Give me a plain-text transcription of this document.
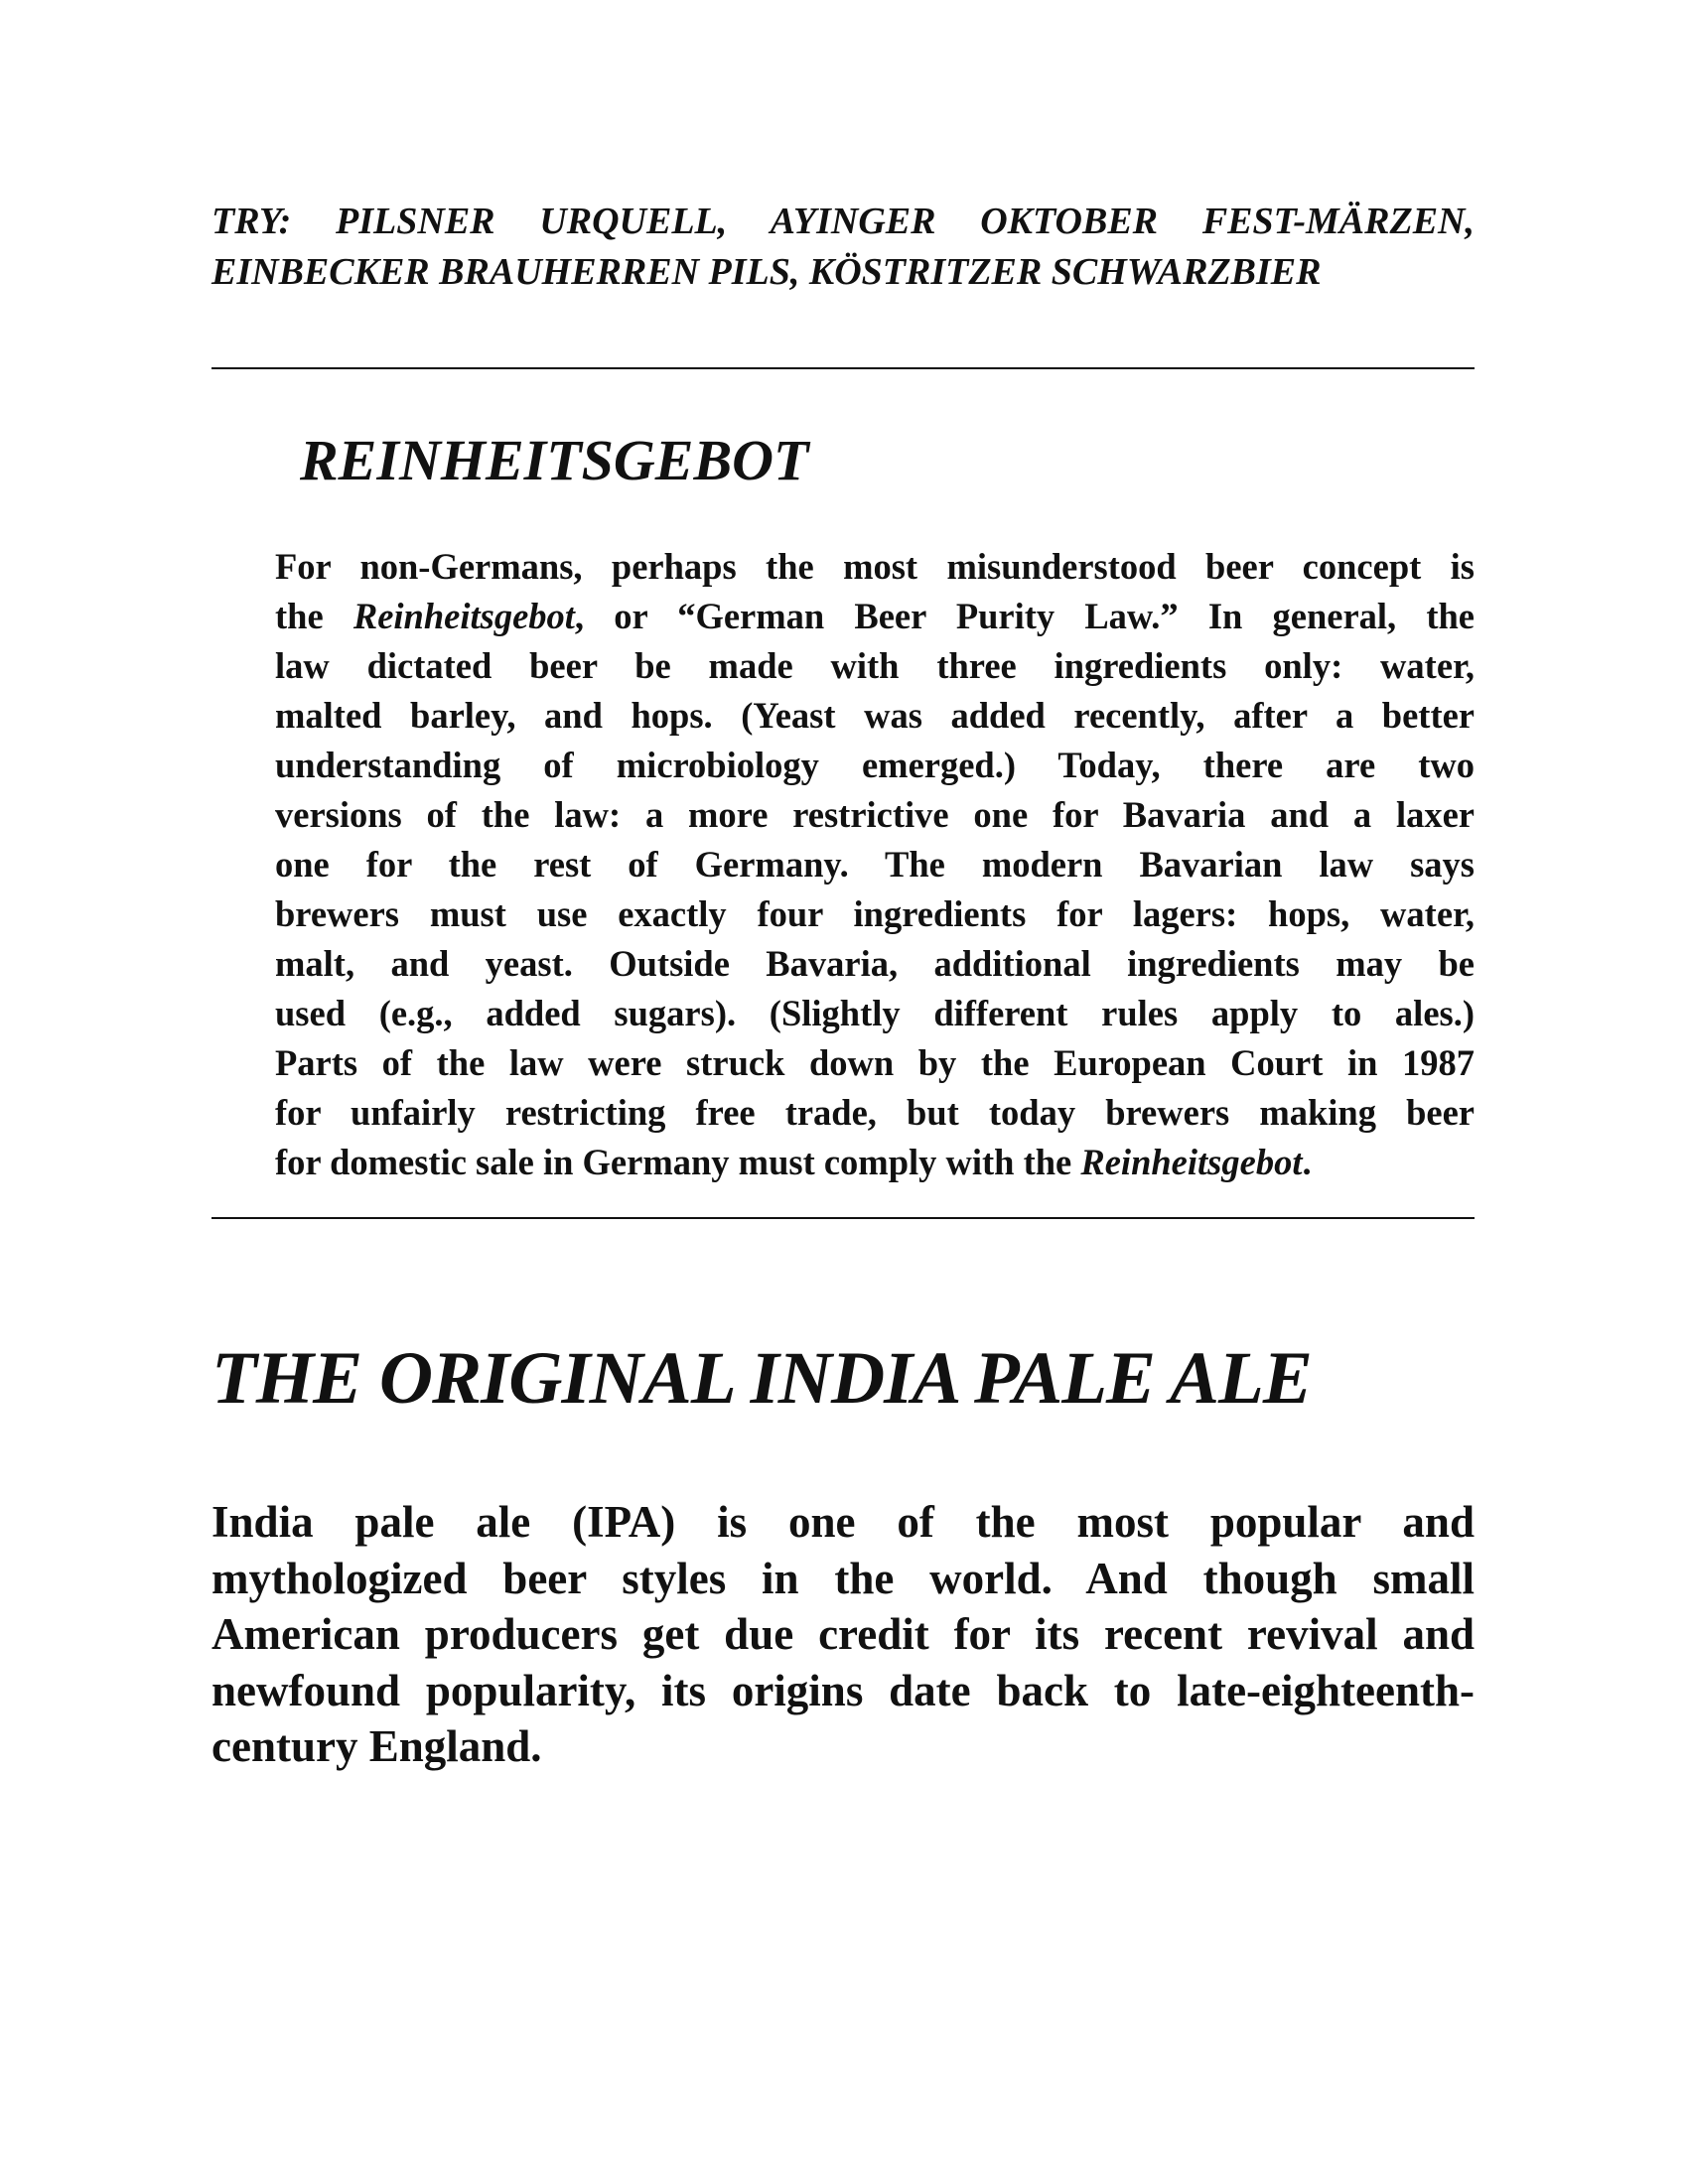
TRY: PILSNER URQUELL, AYINGER OKTOBER FEST-MÄRZEN,
EINBECKER BRAUHERREN PILS, KÖSTRITZER SCHWARZBIER
REINHEITSGEBOT
For non-Germans, perhaps the most misunderstood beer concept is
the Reinheitsgebot, or “German Beer Purity Law.” In general, the
law dictated beer be made with three ingredients only: water,
malted barley, and hops. (Yeast was added recently, after a better
understanding of microbiology emerged.) Today, there are two
versions of the law: a more restrictive one for Bavaria and a laxer
one for the rest of Germany. The modern Bavarian law says
brewers must use exactly four ingredients for lagers: hops, water,
malt, and yeast. Outside Bavaria, additional ingredients may be
used (e.g., added sugars). (Slightly different rules apply to ales.)
Parts of the law were struck down by the European Court in 1987
for unfairly restricting free trade, but today brewers making beer
for domestic sale in Germany must comply with the Reinheitsgebot.
THE ORIGINAL INDIA PALE ALE
India pale ale (IPA) is one of the most popular and
mythologized beer styles in the world. And though small
American producers get due credit for its recent revival and
newfound popularity, its origins date back to late-eighteenth-
century England.
